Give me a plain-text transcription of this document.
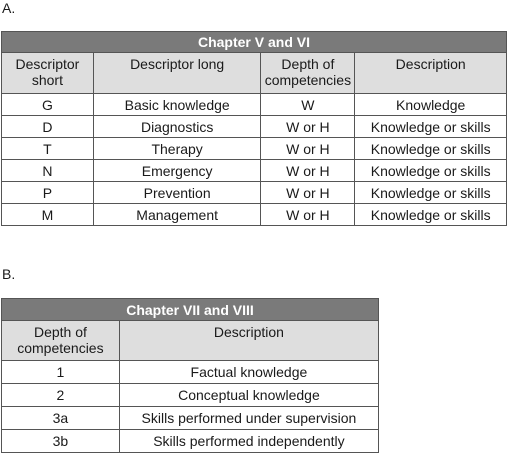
A.
Chapter V and VI			
Descriptor short	Descriptor long	Depth of competencies	Description
G	Basic knowledge	W	Knowledge
D	Diagnostics	W or H	Knowledge or skills
T	Therapy	W or H	Knowledge or skills
N	Emergency	W or H	Knowledge or skills
P	Prevention	W or H	Knowledge or skills
M	Management	W or H	Knowledge or skills
B.
Chapter VII and VIII	
Depth of competencies	Description
1	Factual knowledge
2	Conceptual knowledge
3a	Skills performed under supervision
3b	Skills performed independently
